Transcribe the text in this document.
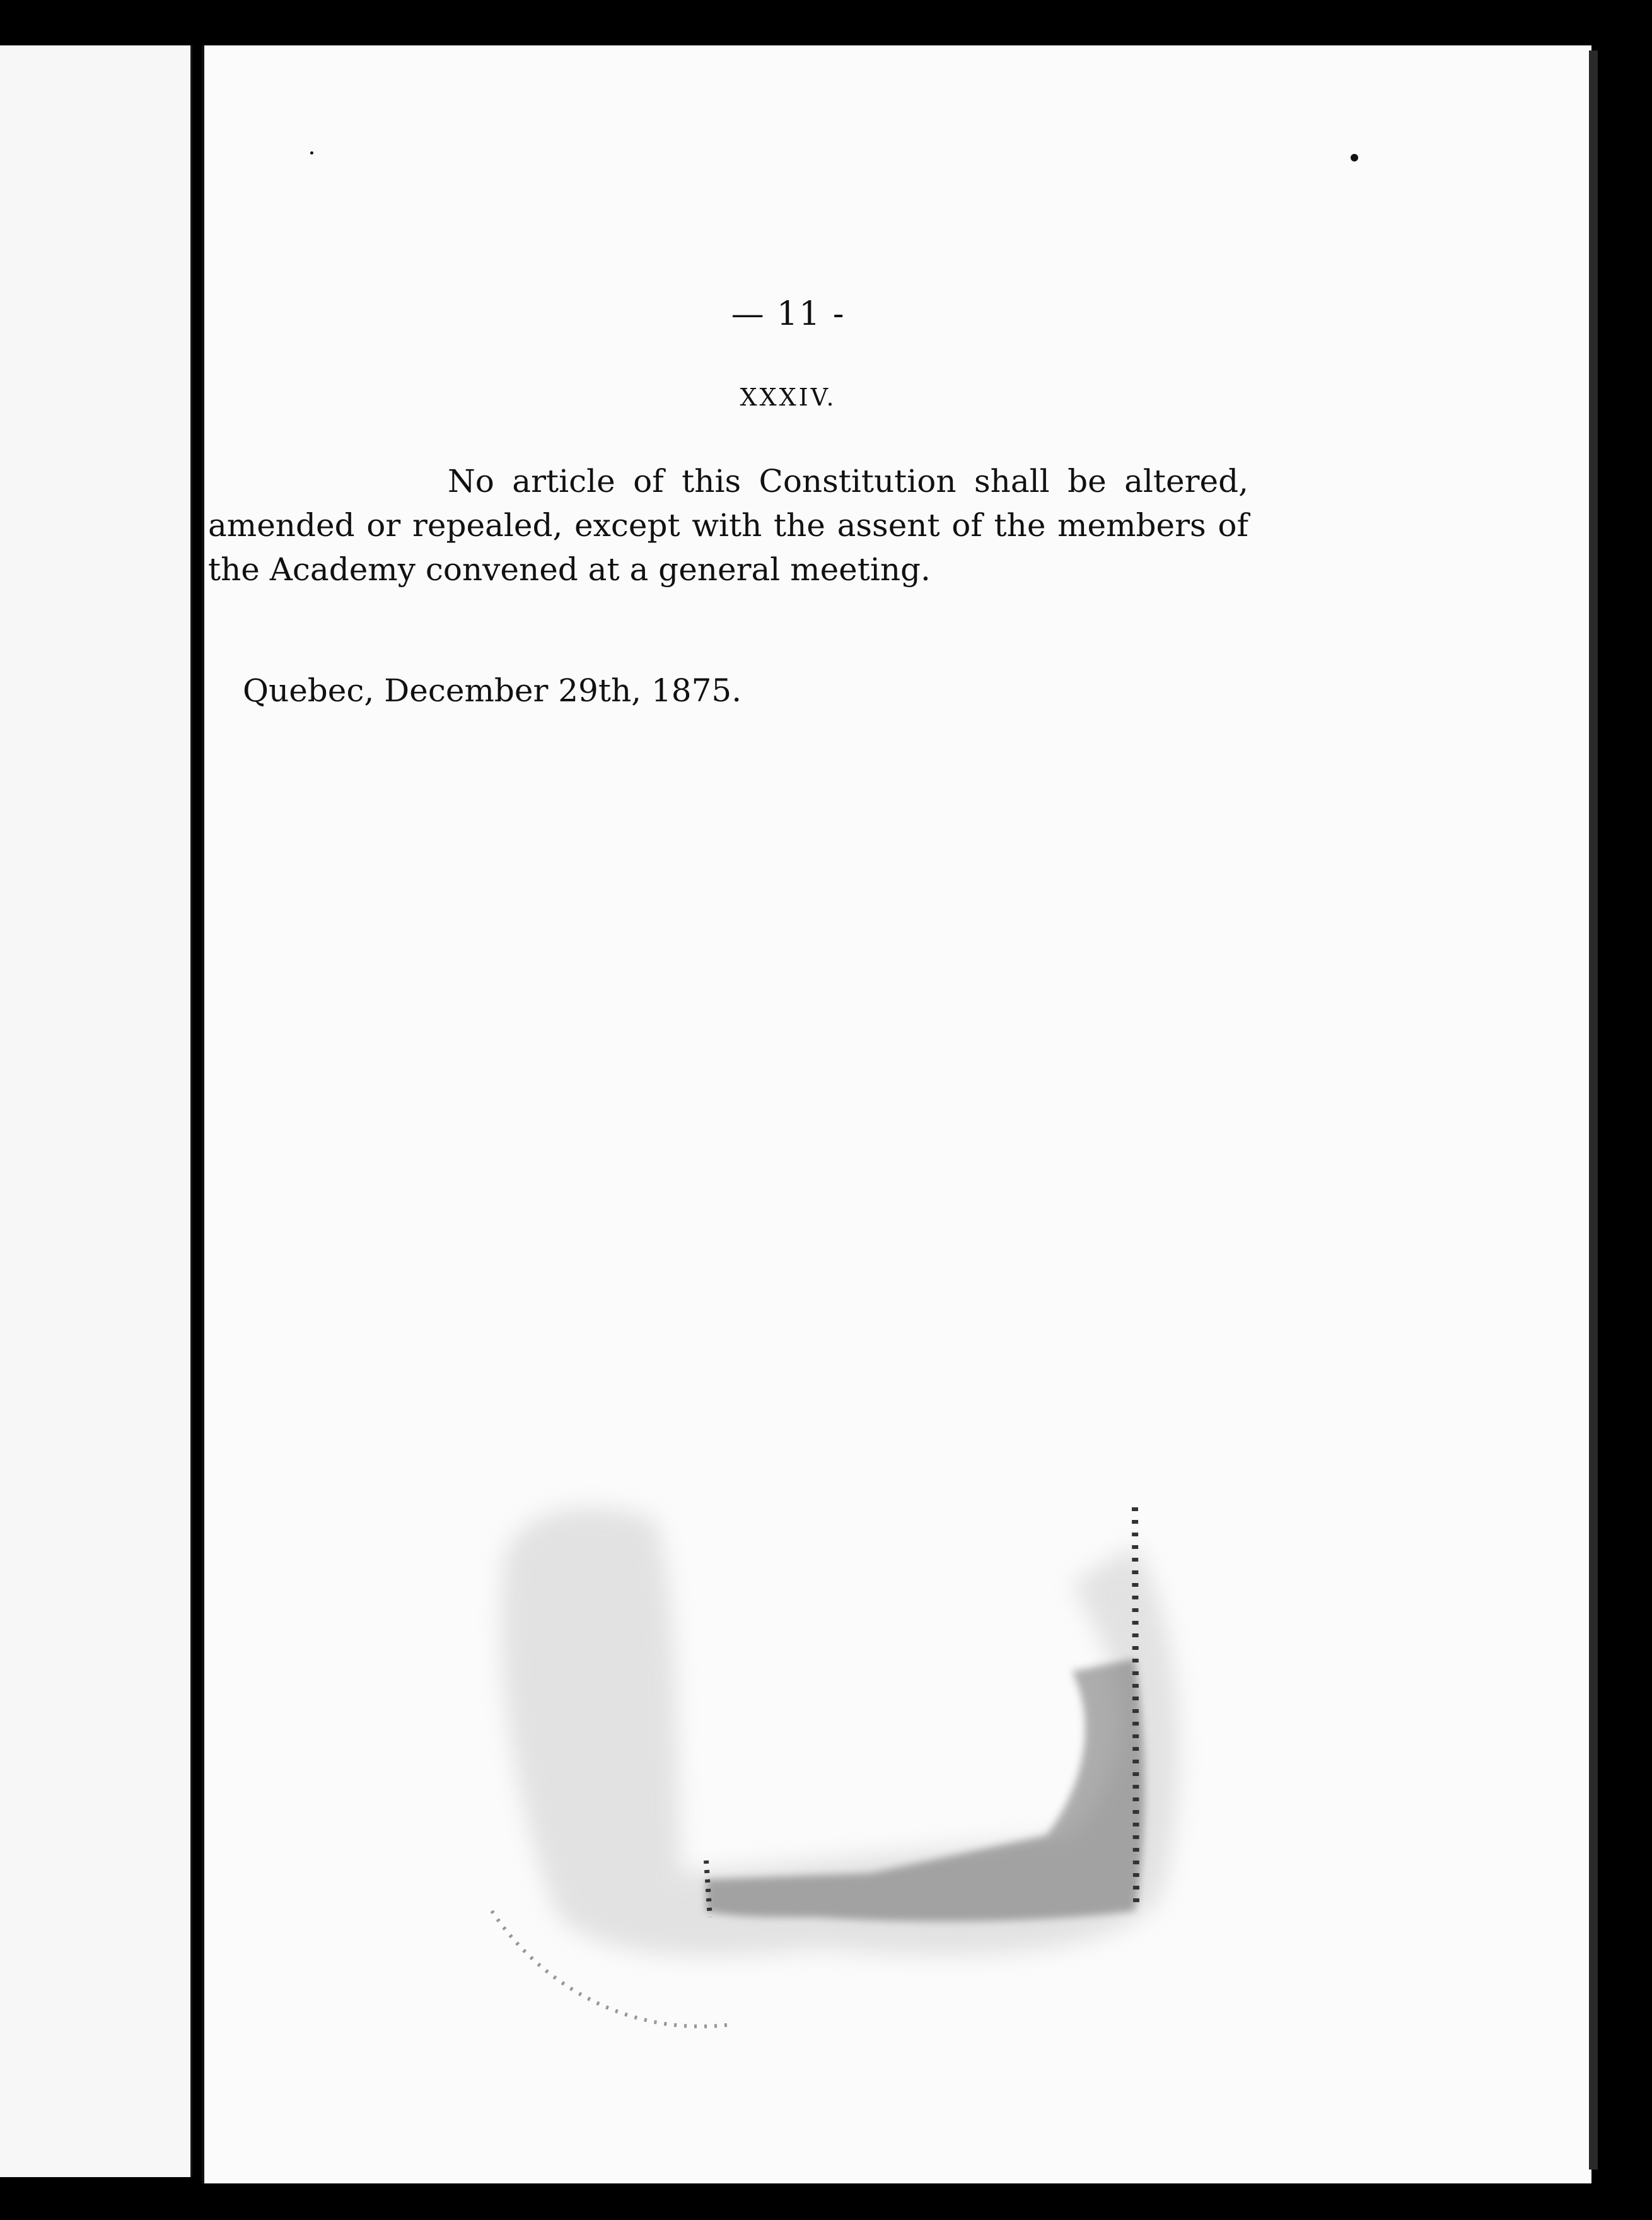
— 11 -
XXXIV.
No article of this Constitution shall be altered, amended or repealed, except with the assent of the members of the Academy convened at a general meeting.
Quebec, December 29th, 1875.
